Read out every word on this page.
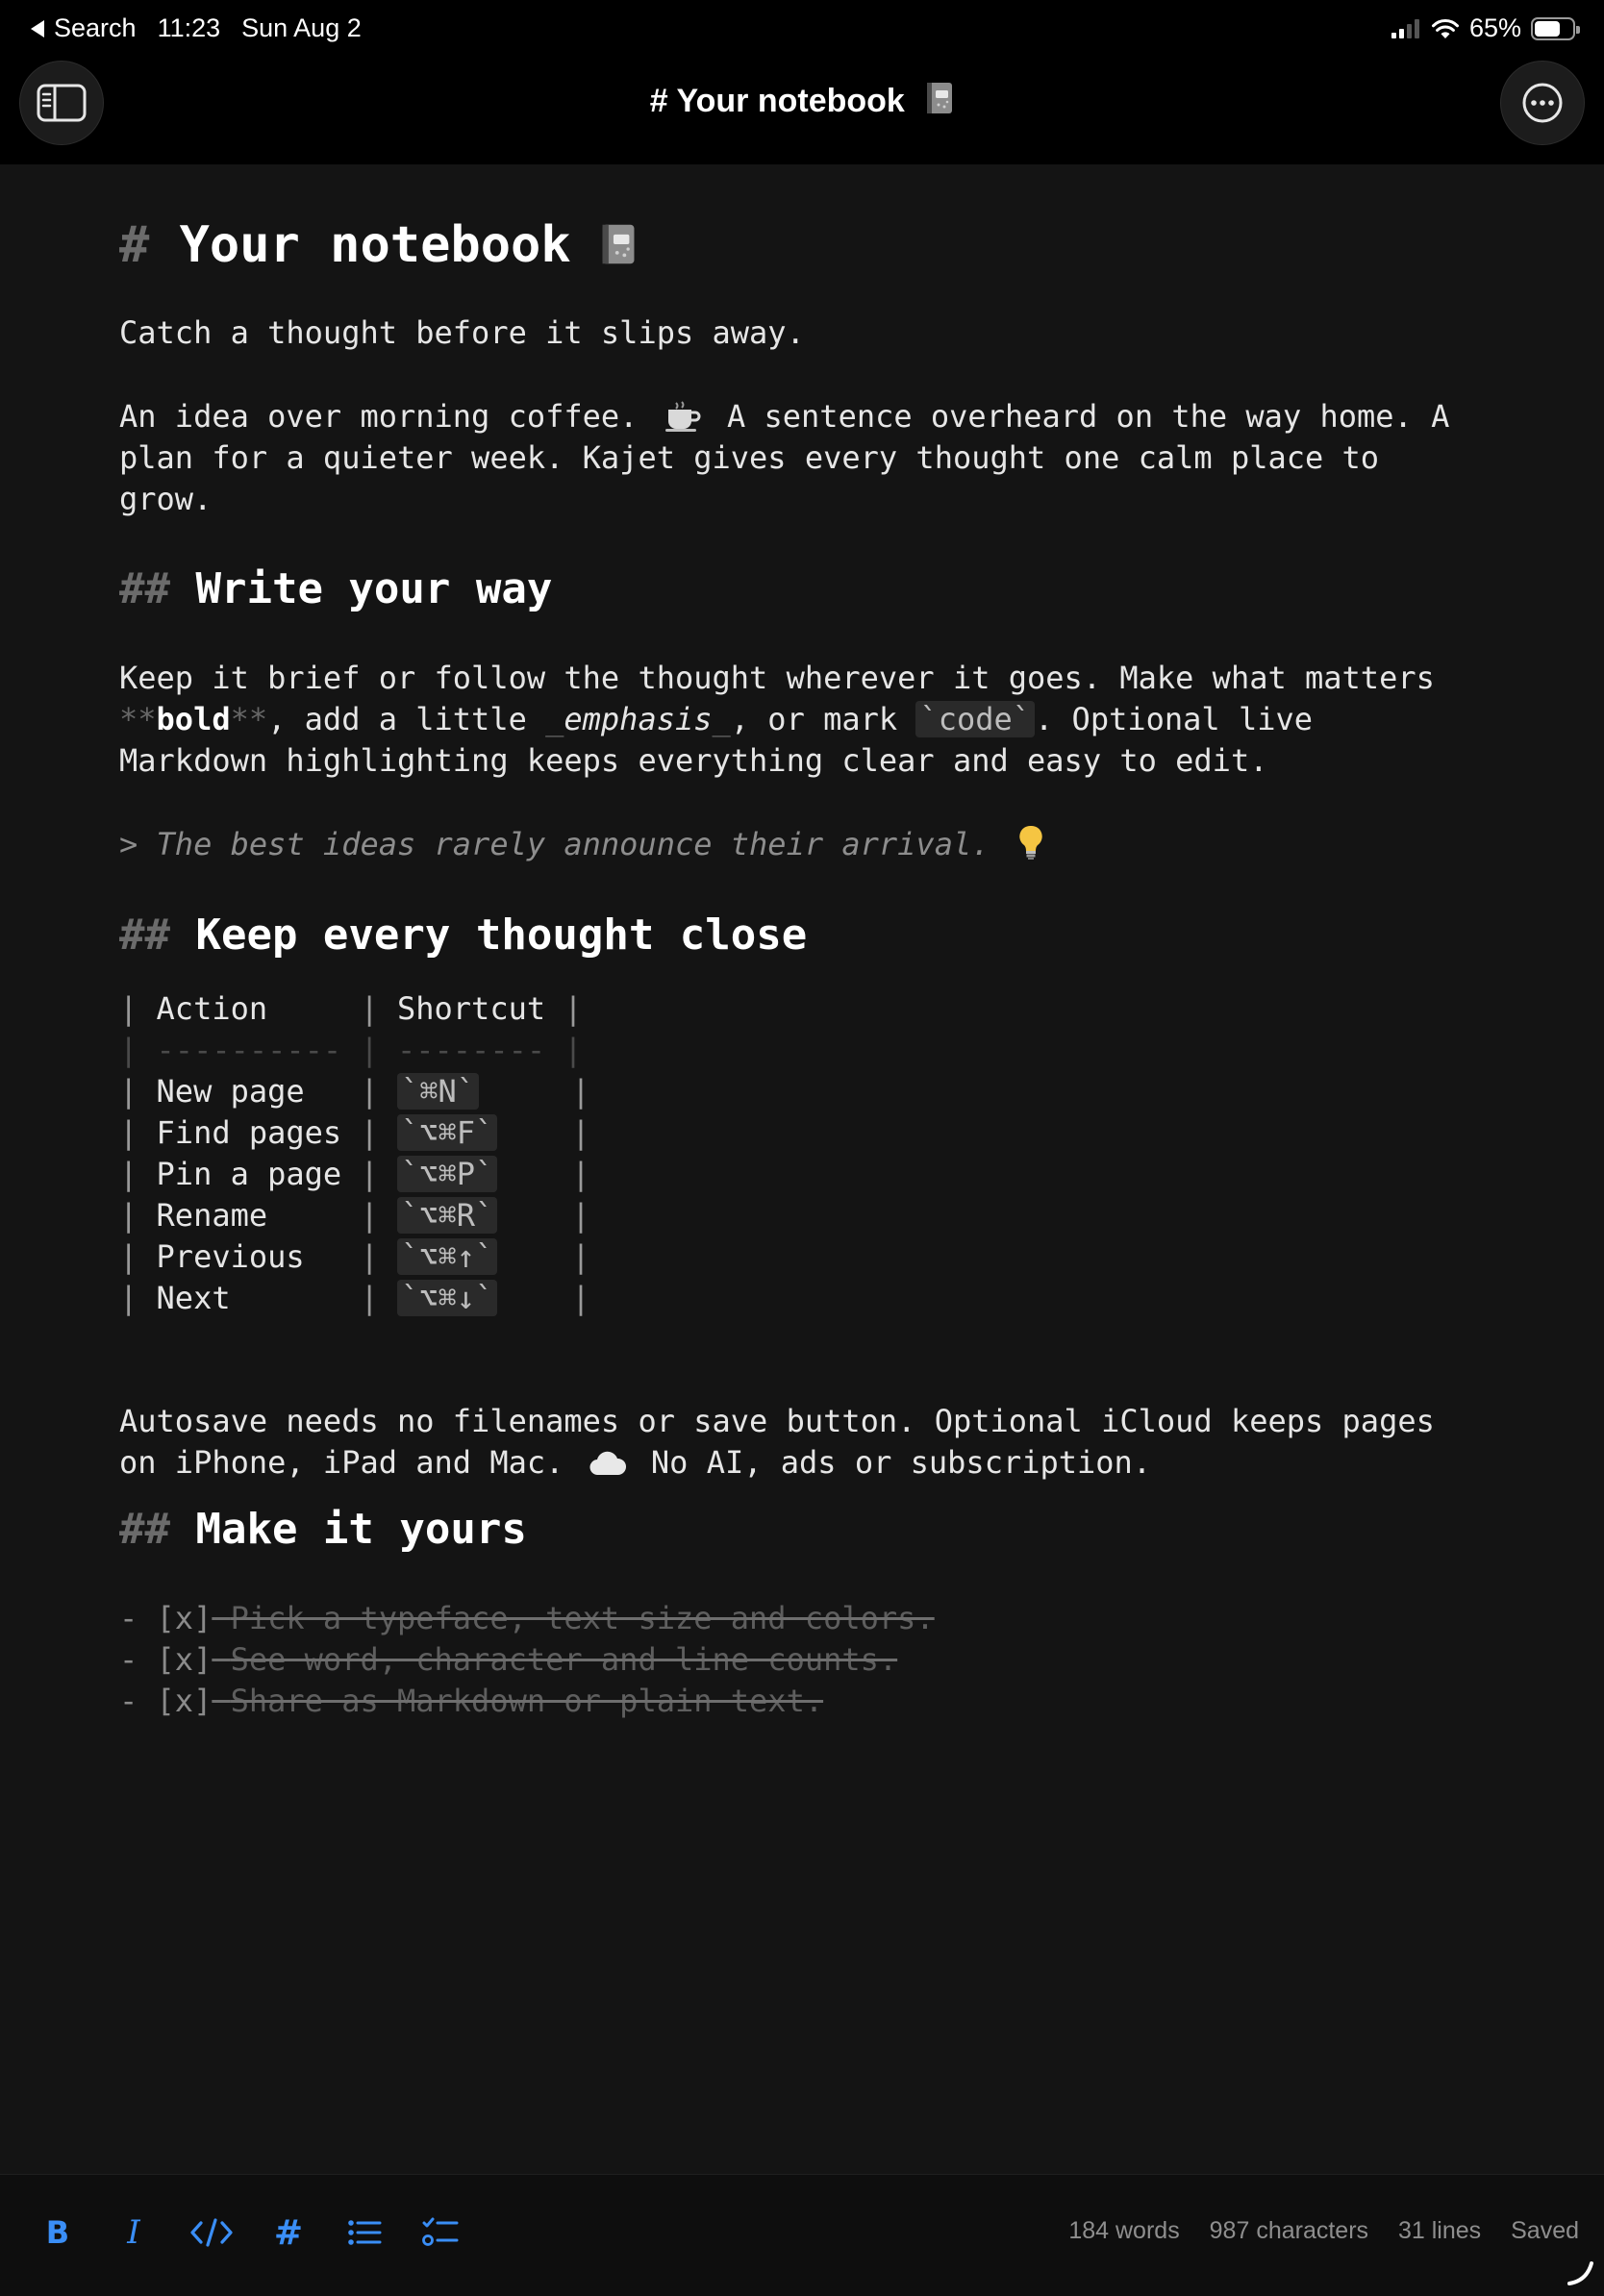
Search 11:23 Sun Aug 2	65%
# Your notebook
# Your notebook
Catch a thought before it slips away.
An idea over morning coffee.	A sentence overheard on the way home. A
plan for a quieter week. Kajet gives every thought one calm place to
grow.
## Write your way
Keep it brief or follow the thought wherever it goes. Make what matters
**bold**, add a little _emphasis_, or mark `code` . Optional live
Markdown highlighting keeps everything clear and easy to edit.
> The best ideas rarely announce their arrival.
## Keep every thought close
| Action	| Shortcut |
| ---------- | -------- |
| New page | `⌘N`	|
| Find pages | `⌥⌘F`	|
| Pin a page | `⌥⌘P`	|
| Rename	| `⌥⌘R`	|
| Previous | `⌥⌘↑`	|
| Next	| `⌥⌘↓`	|
Autosave needs no filenames or save button. Optional iCloud keeps pages
on iPhone, iPad and Mac.	No AI, ads or subscription.
## Make it yours
- [x] Pick a typeface, text size and colors.
- [x] See word, character and line counts.
- [x] Share as Markdown or plain text.
B	I	#	184 words 987 characters 31 lines Saved
